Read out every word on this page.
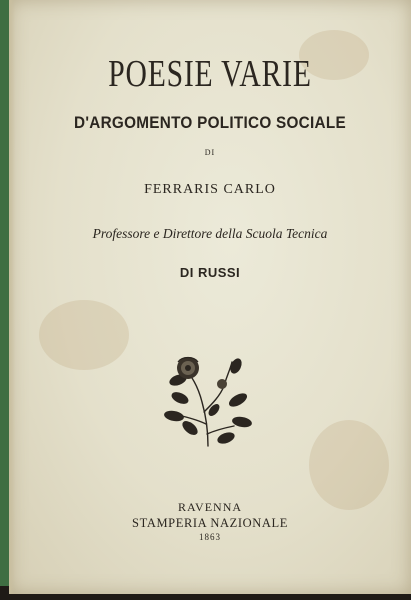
POESIE VARIE
D'ARGOMENTO POLITICO SOCIALE
DI
FERRARIS CARLO
Professore e Direttore della Scuola Tecnica
DI RUSSI
RAVENNA
STAMPERIA NAZIONALE
1863
